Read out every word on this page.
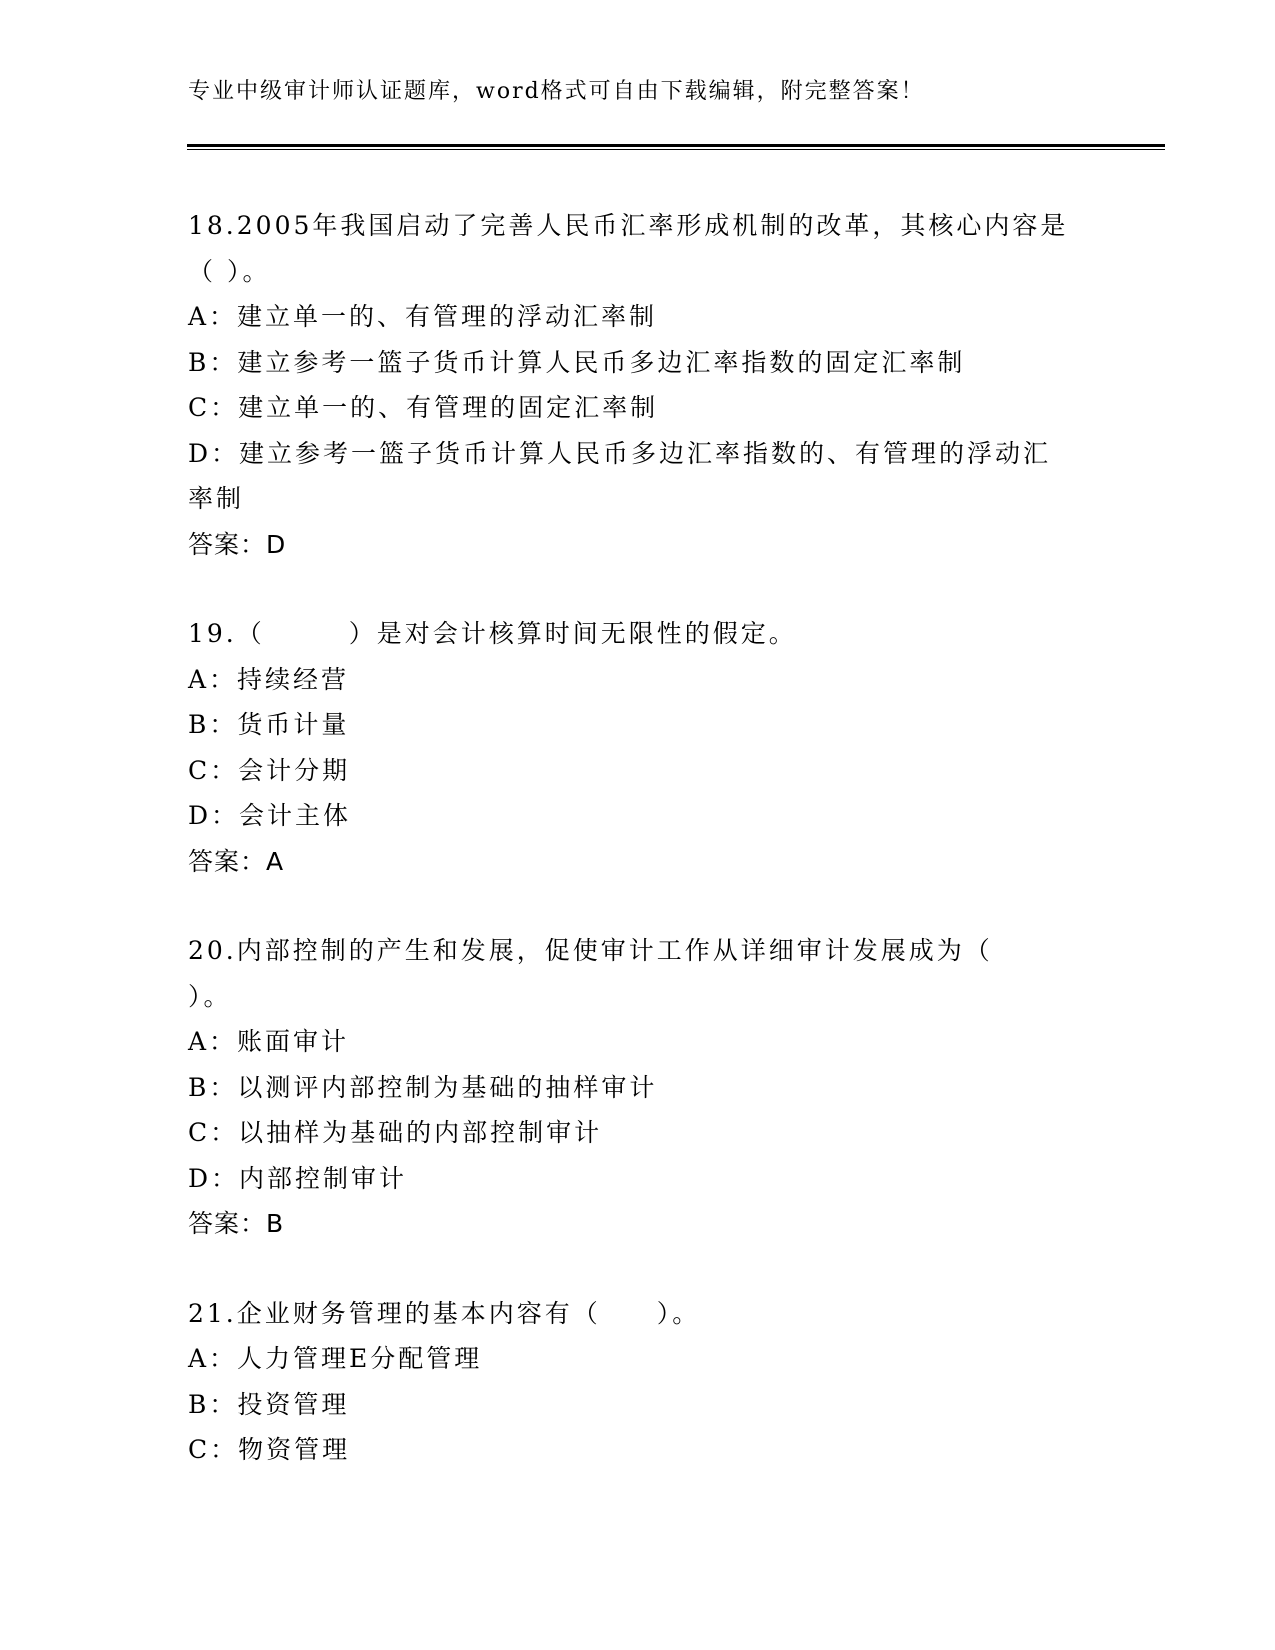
专业中级审计师认证题库，word格式可自由下载编辑，附完整答案！
18.2005年我国启动了完善人民币汇率形成机制的改革，其核心内容是
（ ）。
A：建立单一的、有管理的浮动汇率制
B：建立参考一篮子货币计算人民币多边汇率指数的固定汇率制
C：建立单一的、有管理的固定汇率制
D：建立参考一篮子货币计算人民币多边汇率指数的、有管理的浮动汇
率制
答案：D
19.（　　　）是对会计核算时间无限性的假定。
A：持续经营
B：货币计量
C：会计分期
D：会计主体
答案：A
20.内部控制的产生和发展，促使审计工作从详细审计发展成为（
）。
A：账面审计
B：以测评内部控制为基础的抽样审计
C：以抽样为基础的内部控制审计
D：内部控制审计
答案：B
21.企业财务管理的基本内容有（　　）。
A：人力管理E分配管理
B：投资管理
C：物资管理
